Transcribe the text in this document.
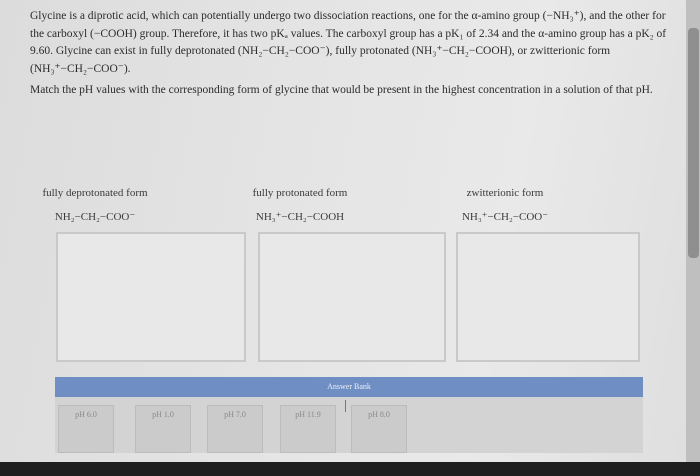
Glycine is a diprotic acid, which can potentially undergo two dissociation reactions, one for the α-amino group (−NH₃⁺), and the other for the carboxyl (−COOH) group. Therefore, it has two pKₐ values. The carboxyl group has a pK₁ of 2.34 and the α-amino group has a pK₂ of 9.60. Glycine can exist in fully deprotonated (NH₂−CH₂−COO⁻), fully protonated (NH₃⁺−CH₂−COOH), or zwitterionic form (NH₃⁺−CH₂−COO⁻).

Match the pH values with the corresponding form of glycine that would be present in the highest concentration in a solution of that pH.

fully deprotonated form
NH₂−CH₂−COO⁻
fully protonated form
NH₃⁺−CH₂−COOH
zwitterionic form
NH₃⁺−CH₂−COO⁻
Answer Bank
pH 6.0	pH 1.0	pH 7.0	pH 11.9	pH 8.0
